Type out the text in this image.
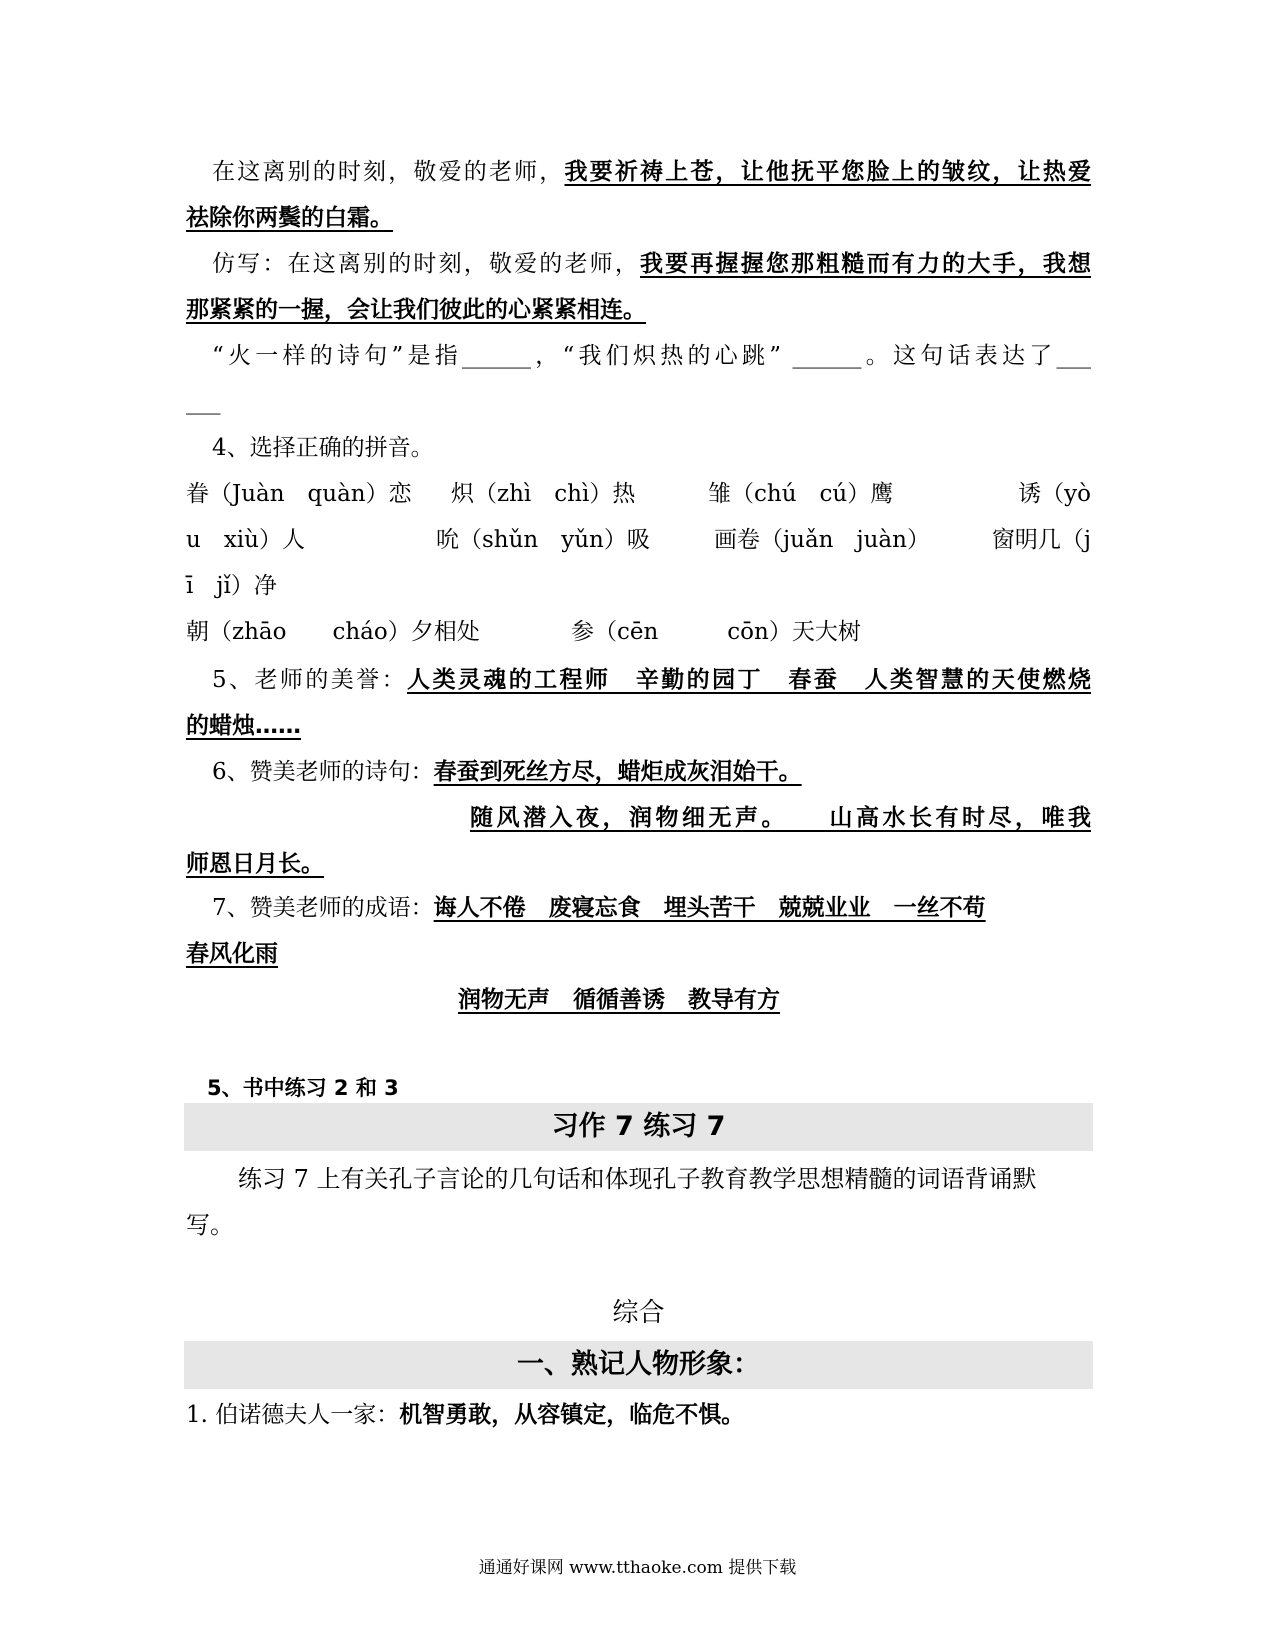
在这离别的时刻，敬爱的老师，我要祈祷上苍，让他抚平您脸上的皱纹，让热爱
祛除你两鬓的白霜。
仿写：在这离别的时刻，敬爱的老师，我要再握握您那粗糙而有力的大手，我想
那紧紧的一握，会让我们彼此的心紧紧相连。
“火一样的诗句”是指______，“我们炽热的心跳” ______。这句话表达了___
___
4、选择正确的拼音。
眷（Juàn　quàn）恋 炽（zhì　chì）热	雏（chú　cú）鹰	诱（yò
u　xiù）人	吮（shǔn　yǔn）吸	画卷（juǎn　juàn）	窗明几（j
ī　jǐ）净
朝（zhāo　　cháo）夕相处	参（cēn　　　cōn）天大树
5、老师的美誉：人类灵魂的工程师　辛勤的园丁　春蚕　人类智慧的天使燃烧
的蜡烛……
6、赞美老师的诗句：春蚕到死丝方尽，蜡炬成灰泪始干。
随风潜入夜，润物细无声。　　山高水长有时尽，唯我
师恩日月长。
7、赞美老师的成语：诲人不倦　废寝忘食　埋头苦干　兢兢业业　一丝不苟
春风化雨
润物无声　循循善诱　教导有方
5、书中练习 2 和 3
习作 7 练习 7
练习 7 上有关孔子言论的几句话和体现孔子教育教学思想精髓的词语背诵默
写。
综合
一、熟记人物形象：
1. 伯诺德夫人一家：机智勇敢，从容镇定，临危不惧。
通通好课网 www.tthaoke.com 提供下载
